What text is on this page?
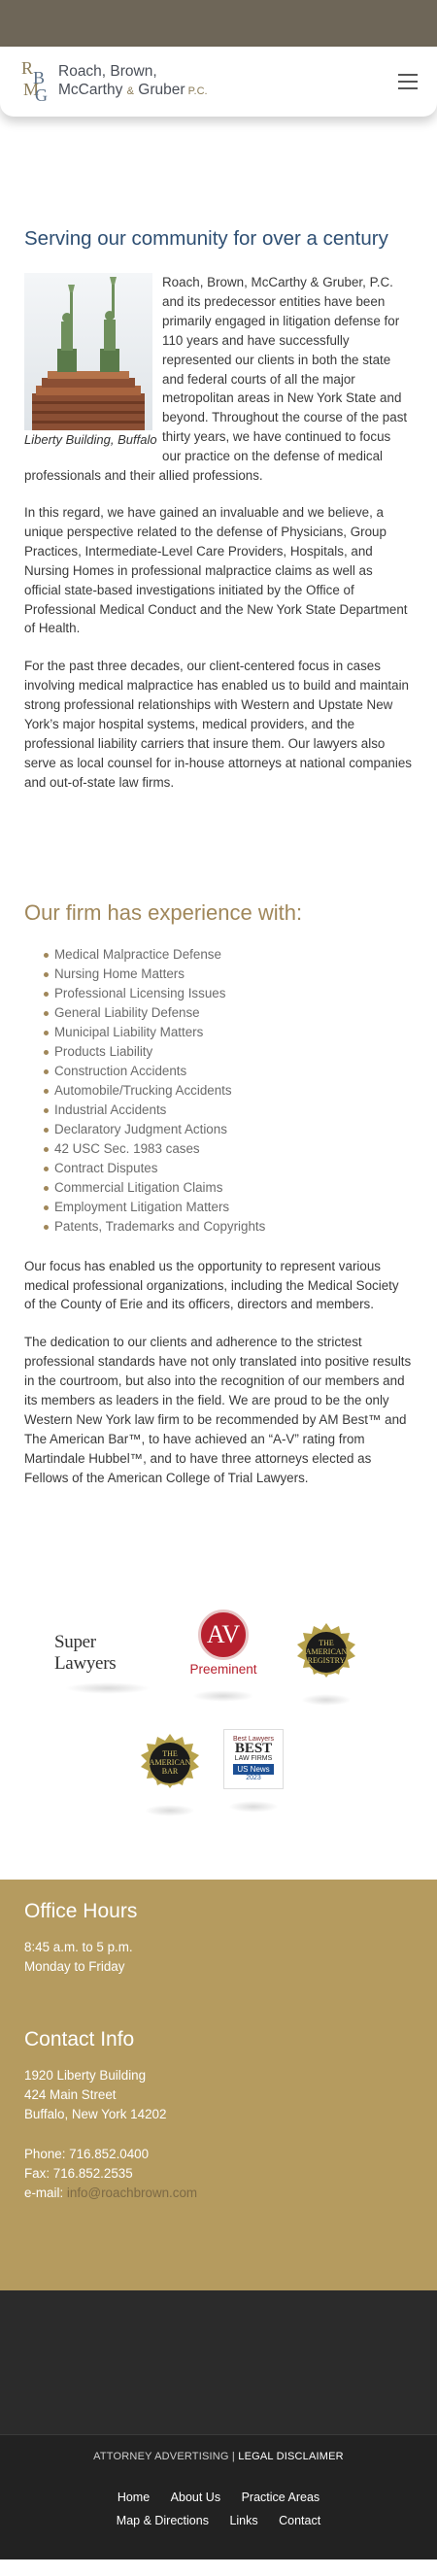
R B
M
G
Roach, Brown,
McCarthy & Gruber P.C.
Serving our community for over a century
Liberty Building, Buffalo

Roach, Brown, McCarthy & Gruber, P.C. and its predecessor entities have been primarily engaged in litigation defense for 110 years and have successfully represented our clients in both the state and federal courts of all the major metropolitan areas in New York State and beyond. Throughout the course of the past thirty years, we have continued to focus our practice on the defense of medical professionals and their allied professions.

In this regard, we have gained an invaluable and we believe, a unique perspective related to the defense of Physicians, Group Practices, Intermediate-Level Care Providers, Hospitals, and Nursing Homes in professional malpractice claims as well as official state-based investigations initiated by the Office of Professional Medical Conduct and the New York State Department of Health.

For the past three decades, our client-centered focus in cases involving medical malpractice has enabled us to build and maintain strong professional relationships with Western and Upstate New York’s major hospital systems, medical providers, and the professional liability carriers that insure them. Our lawyers also serve as local counsel for in-house attorneys at national companies and out-of-state law firms.

Our firm has experience with:
Medical Malpractice Defense
Nursing Home Matters
Professional Licensing Issues
General Liability Defense
Municipal Liability Matters
Products Liability
Construction Accidents
Automobile/Trucking Accidents
Industrial Accidents
Declaratory Judgment Actions
42 USC Sec. 1983 cases
Contract Disputes
Commercial Litigation Claims
Employment Litigation Matters
Patents, Trademarks and Copyrights

Our focus has enabled us the opportunity to represent various medical professional organizations, including the Medical Society of the County of Erie and its officers, directors and members.

The dedication to our clients and adherence to the strictest professional standards have not only translated into positive results in the courtroom, but also into the recognition of our members and its members as leaders in the field. We are proud to be the only Western New York law firm to be recommended by AM Best™ and The American Bar™, to have achieved an “A-V” rating from Martindale Hubbel™, and to have three attorneys elected as Fellows of the American College of Trial Lawyers.

Super Lawyers
AV
Preeminent
THE
AMERICAN
REGISTRY
THE
AMERICAN
BAR
Best Lawyers
BEST
LAW FIRMS
US News
2023
Office Hours

8:45 a.m. to 5 p.m.

Monday to Friday

Contact Info

1920 Liberty Building

424 Main Street

Buffalo, New York 14202

Phone: 716.852.0400

Fax: 716.852.2535

e-mail: info@roachbrown.com

ATTORNEY ADVERTISING | LEGAL DISCLAIMER
Home About Us Practice Areas
Map & Directions Links Contact
